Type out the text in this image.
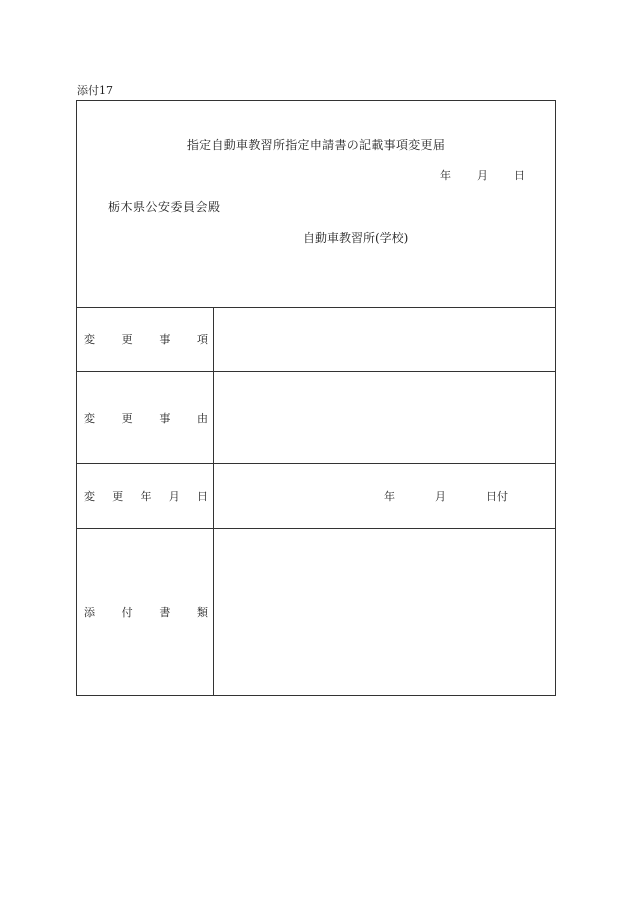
添付17
指定自動車教習所指定申請書の記載事項変更届
年 月 日
栃木県公安委員会殿
自動車教習所(学校)
変 更 事 項
変 更 事 由
変 更 年 月 日	年	月	日付
添 付 書 類
